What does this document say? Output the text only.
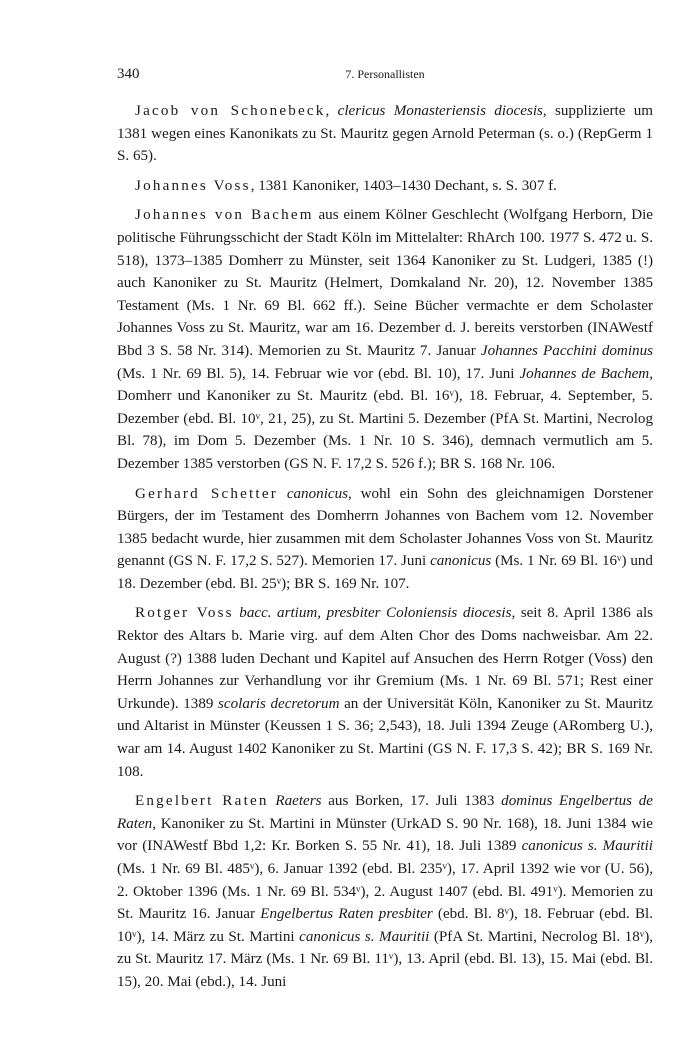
340	7. Personallisten

Jacob von Schonebeck, clericus Monasteriensis diocesis, supplizierte um 1381 wegen eines Kanonikats zu St. Mauritz gegen Arnold Peterman (s. o.) (RepGerm 1 S. 65).

Johannes Voss, 1381 Kanoniker, 1403–1430 Dechant, s. S. 307 f.

Johannes von Bachem aus einem Kölner Geschlecht (Wolfgang Herborn, Die politische Führungsschicht der Stadt Köln im Mittelalter: RhArch 100. 1977 S. 472 u. S. 518), 1373–1385 Domherr zu Münster, seit 1364 Kanoniker zu St. Ludgeri, 1385 (!) auch Kanoniker zu St. Mauritz (Helmert, Domkaland Nr. 20), 12. November 1385 Testament (Ms. 1 Nr. 69 Bl. 662 ff.). Seine Bücher vermachte er dem Scholaster Johannes Voss zu St. Mauritz, war am 16. Dezember d. J. bereits verstorben (INAWestf Bbd 3 S. 58 Nr. 314). Memorien zu St. Mauritz 7. Januar Johannes Pacchini dominus (Ms. 1 Nr. 69 Bl. 5), 14. Februar wie vor (ebd. Bl. 10), 17. Juni Johannes de Bachem, Domherr und Kanoniker zu St. Mauritz (ebd. Bl. 16ᵛ), 18. Februar, 4. September, 5. Dezember (ebd. Bl. 10ᵛ, 21, 25), zu St. Martini 5. Dezember (PfA St. Martini, Necrolog Bl. 78), im Dom 5. Dezember (Ms. 1 Nr. 10 S. 346), demnach vermutlich am 5. Dezember 1385 verstorben (GS N. F. 17,2 S. 526 f.); BR S. 168 Nr. 106.

Gerhard Schetter canonicus, wohl ein Sohn des gleichnamigen Dorstener Bürgers, der im Testament des Domherrn Johannes von Bachem vom 12. November 1385 bedacht wurde, hier zusammen mit dem Scholaster Johannes Voss von St. Mauritz genannt (GS N. F. 17,2 S. 527). Memorien 17. Juni canonicus (Ms. 1 Nr. 69 Bl. 16ᵛ) und 18. Dezember (ebd. Bl. 25ᵛ); BR S. 169 Nr. 107.

Rotger Voss bacc. artium, presbiter Coloniensis diocesis, seit 8. April 1386 als Rektor des Altars b. Marie virg. auf dem Alten Chor des Doms nachweisbar. Am 22. August (?) 1388 luden Dechant und Kapitel auf Ansuchen des Herrn Rotger (Voss) den Herrn Johannes zur Verhandlung vor ihr Gremium (Ms. 1 Nr. 69 Bl. 571; Rest einer Urkunde). 1389 scolaris decretorum an der Universität Köln, Kanoniker zu St. Mauritz und Altarist in Münster (Keussen 1 S. 36; 2,543), 18. Juli 1394 Zeuge (ARomberg U.), war am 14. August 1402 Kanoniker zu St. Martini (GS N. F. 17,3 S. 42); BR S. 169 Nr. 108.

Engelbert Raten Raeters aus Borken, 17. Juli 1383 dominus Engelbertus de Raten, Kanoniker zu St. Martini in Münster (UrkAD S. 90 Nr. 168), 18. Juni 1384 wie vor (INAWestf Bbd 1,2: Kr. Borken S. 55 Nr. 41), 18. Juli 1389 canonicus s. Mauritii (Ms. 1 Nr. 69 Bl. 485ᵛ), 6. Januar 1392 (ebd. Bl. 235ᵛ), 17. April 1392 wie vor (U. 56), 2. Oktober 1396 (Ms. 1 Nr. 69 Bl. 534ᵛ), 2. August 1407 (ebd. Bl. 491ᵛ). Memorien zu St. Mauritz 16. Januar Engelbertus Raten presbiter (ebd. Bl. 8ᵛ), 18. Februar (ebd. Bl. 10ᵛ), 14. März zu St. Martini canonicus s. Mauritii (PfA St. Martini, Necrolog Bl. 18ᵛ), zu St. Mauritz 17. März (Ms. 1 Nr. 69 Bl. 11ᵛ), 13. April (ebd. Bl. 13), 15. Mai (ebd. Bl. 15), 20. Mai (ebd.), 14. Juni
